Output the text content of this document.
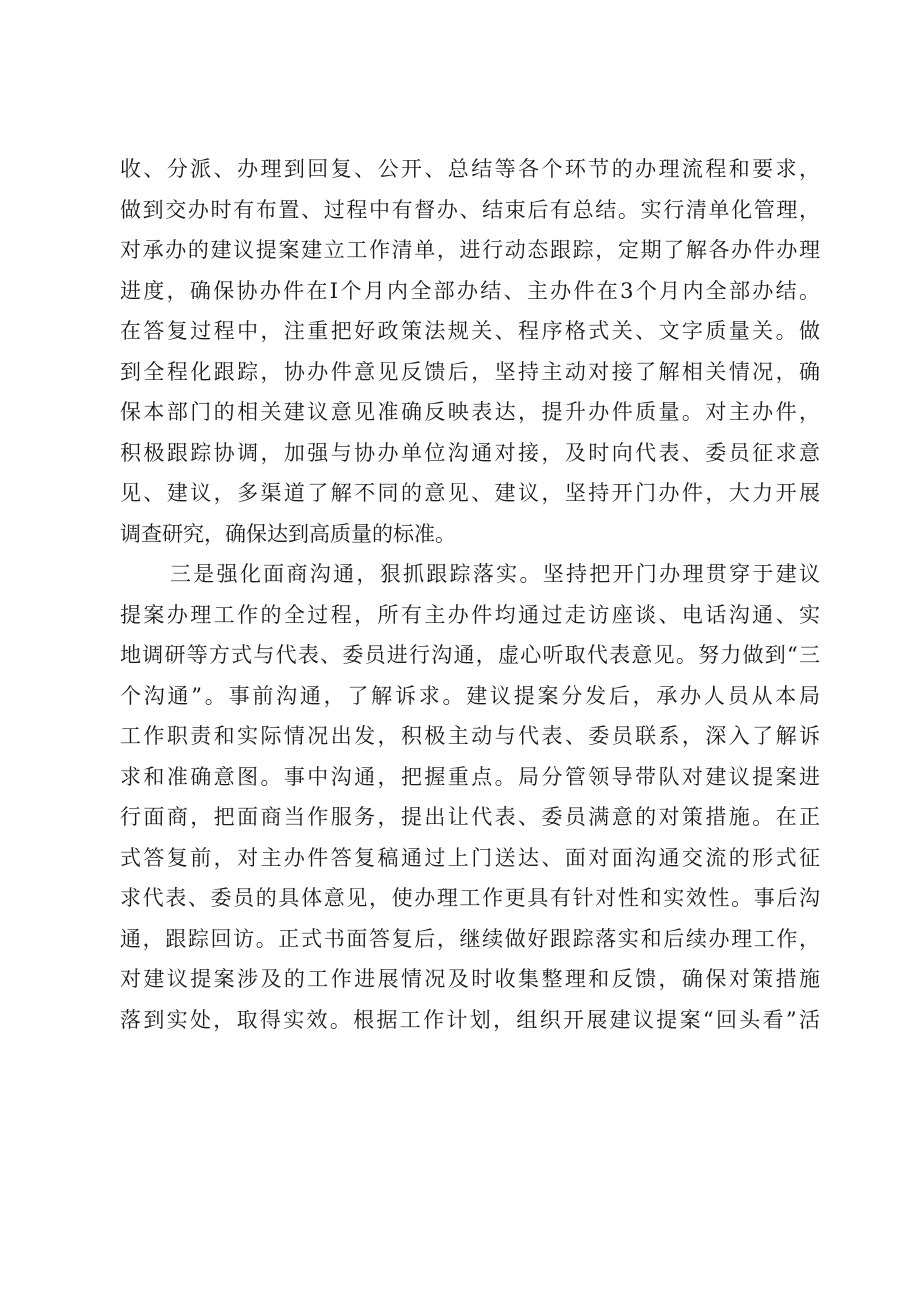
收、分派、办理到回复、公开、总结等各个环节的办理流程和要求，
做到交办时有布置、过程中有督办、结束后有总结。实行清单化管理，
对承办的建议提案建立工作清单，进行动态跟踪，定期了解各办件办理
进度，确保协办件在Ⅰ个月内全部办结、主办件在3个月内全部办结。
在答复过程中，注重把好政策法规关、程序格式关、文字质量关。做
到全程化跟踪，协办件意见反馈后，坚持主动对接了解相关情况，确
保本部门的相关建议意见准确反映表达，提升办件质量。对主办件，
积极跟踪协调，加强与协办单位沟通对接，及时向代表、委员征求意
见、建议，多渠道了解不同的意见、建议，坚持开门办件，大力开展
调查研究，确保达到高质量的标准。
三是强化面商沟通，狠抓跟踪落实。坚持把开门办理贯穿于建议
提案办理工作的全过程，所有主办件均通过走访座谈、电话沟通、实
地调研等方式与代表、委员进行沟通，虚心听取代表意见。努力做到“三
个沟通”。事前沟通，了解诉求。建议提案分发后，承办人员从本局
工作职责和实际情况出发，积极主动与代表、委员联系，深入了解诉
求和准确意图。事中沟通，把握重点。局分管领导带队对建议提案进
行面商，把面商当作服务，提出让代表、委员满意的对策措施。在正
式答复前，对主办件答复稿通过上门送达、面对面沟通交流的形式征
求代表、委员的具体意见，使办理工作更具有针对性和实效性。事后沟
通，跟踪回访。正式书面答复后，继续做好跟踪落实和后续办理工作，
对建议提案涉及的工作进展情况及时收集整理和反馈，确保对策措施
落到实处，取得实效。根据工作计划，组织开展建议提案“回头看”活
